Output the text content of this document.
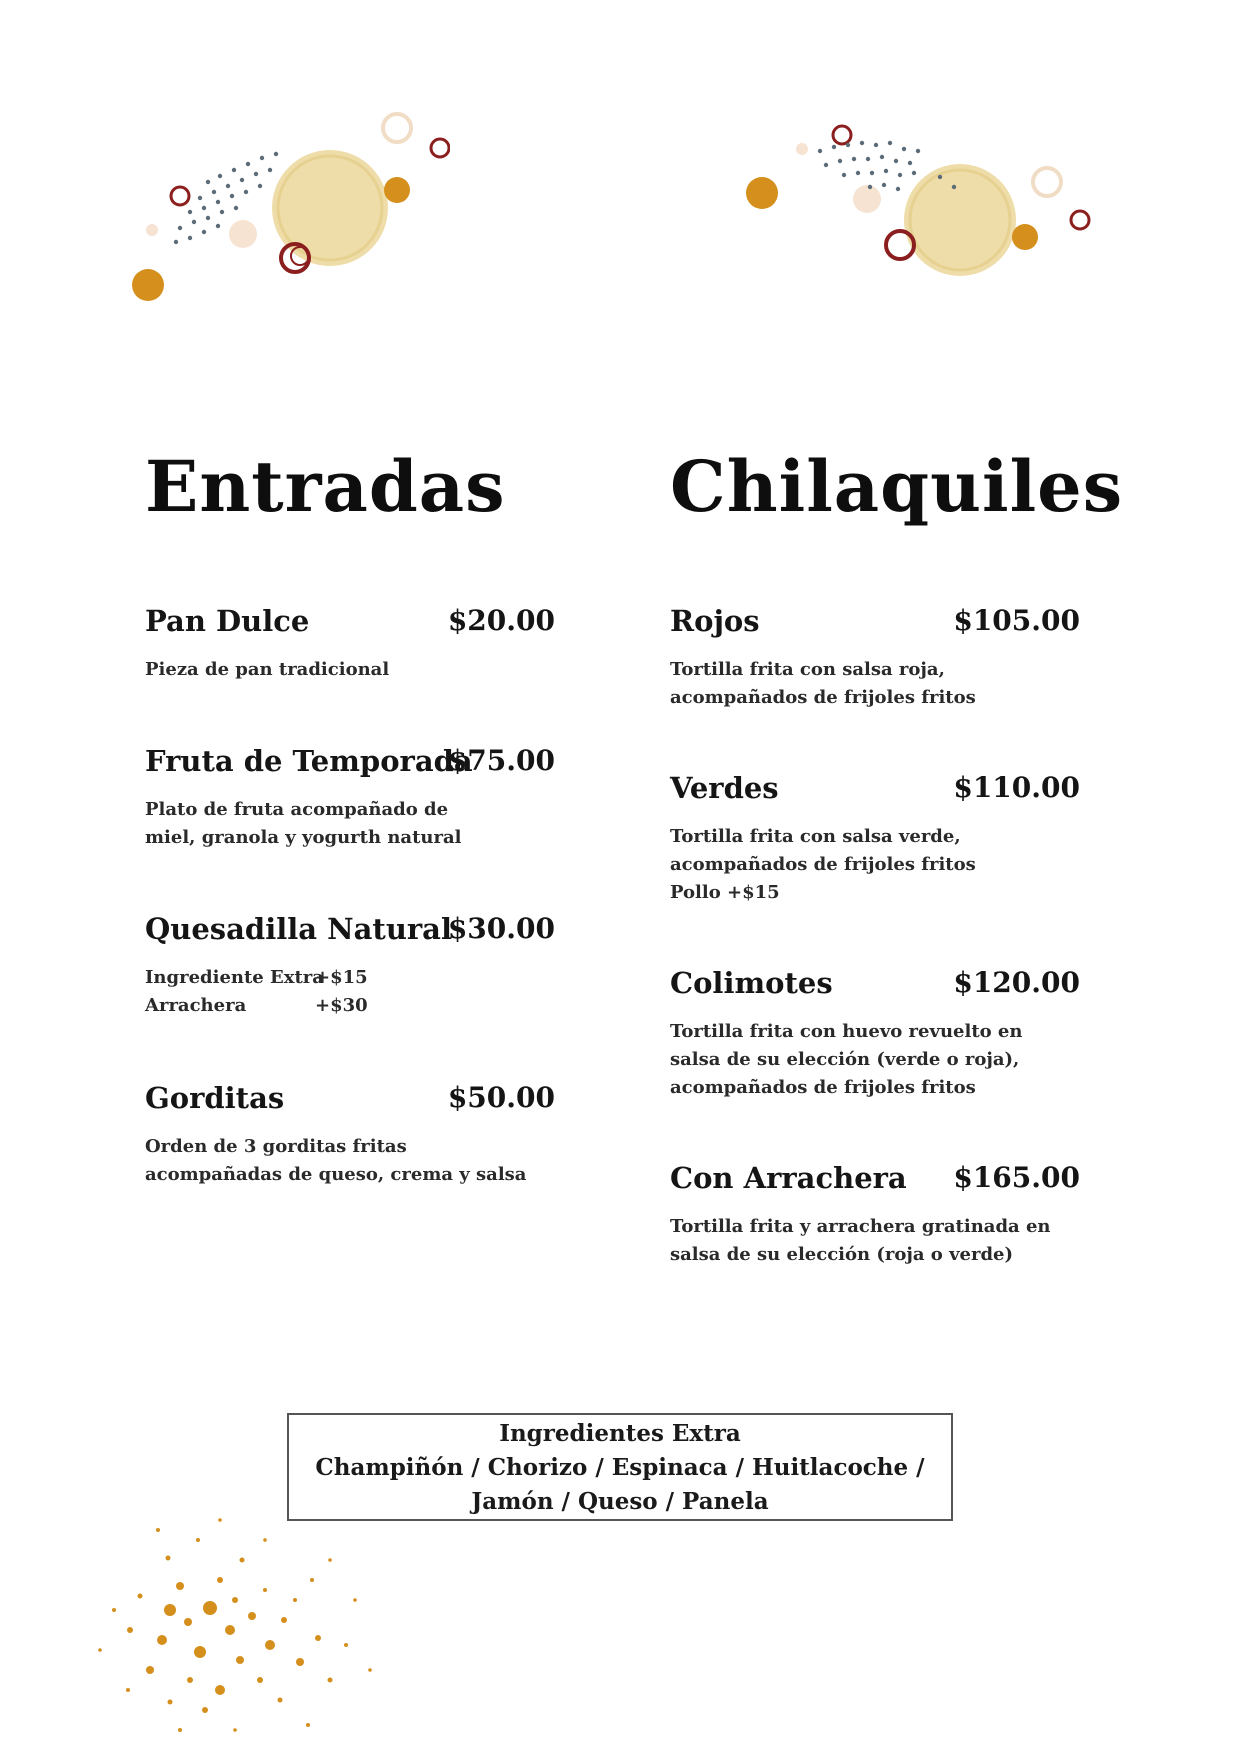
Entradas Chilaquiles
Pan Dulce	$20.00
Pieza de pan tradicional
Fruta de Temporada
$75.00
Plato de fruta acompañado de
miel, granola y yogurth natural
Quesadilla Natural
$30.00
Ingrediente Extra+$15
Arrachera	+$30
Gorditas	$50.00
Orden de 3 gorditas fritas
acompañadas de queso, crema y salsa
Rojos	$105.00
Tortilla frita con salsa roja,
acompañados de frijoles fritos
Verdes	$110.00
Tortilla frita con salsa verde,
acompañados de frijoles fritos
Pollo +$15
Colimotes	$120.00
Tortilla frita con huevo revuelto en
salsa de su elección (verde o roja),
acompañados de frijoles fritos
Con Arrachera $165.00
Tortilla frita y arrachera gratinada en
salsa de su elección (roja o verde)
Ingredientes Extra
Champiñón / Chorizo / Espinaca / Huitlacoche /
Jamón / Queso / Panela
